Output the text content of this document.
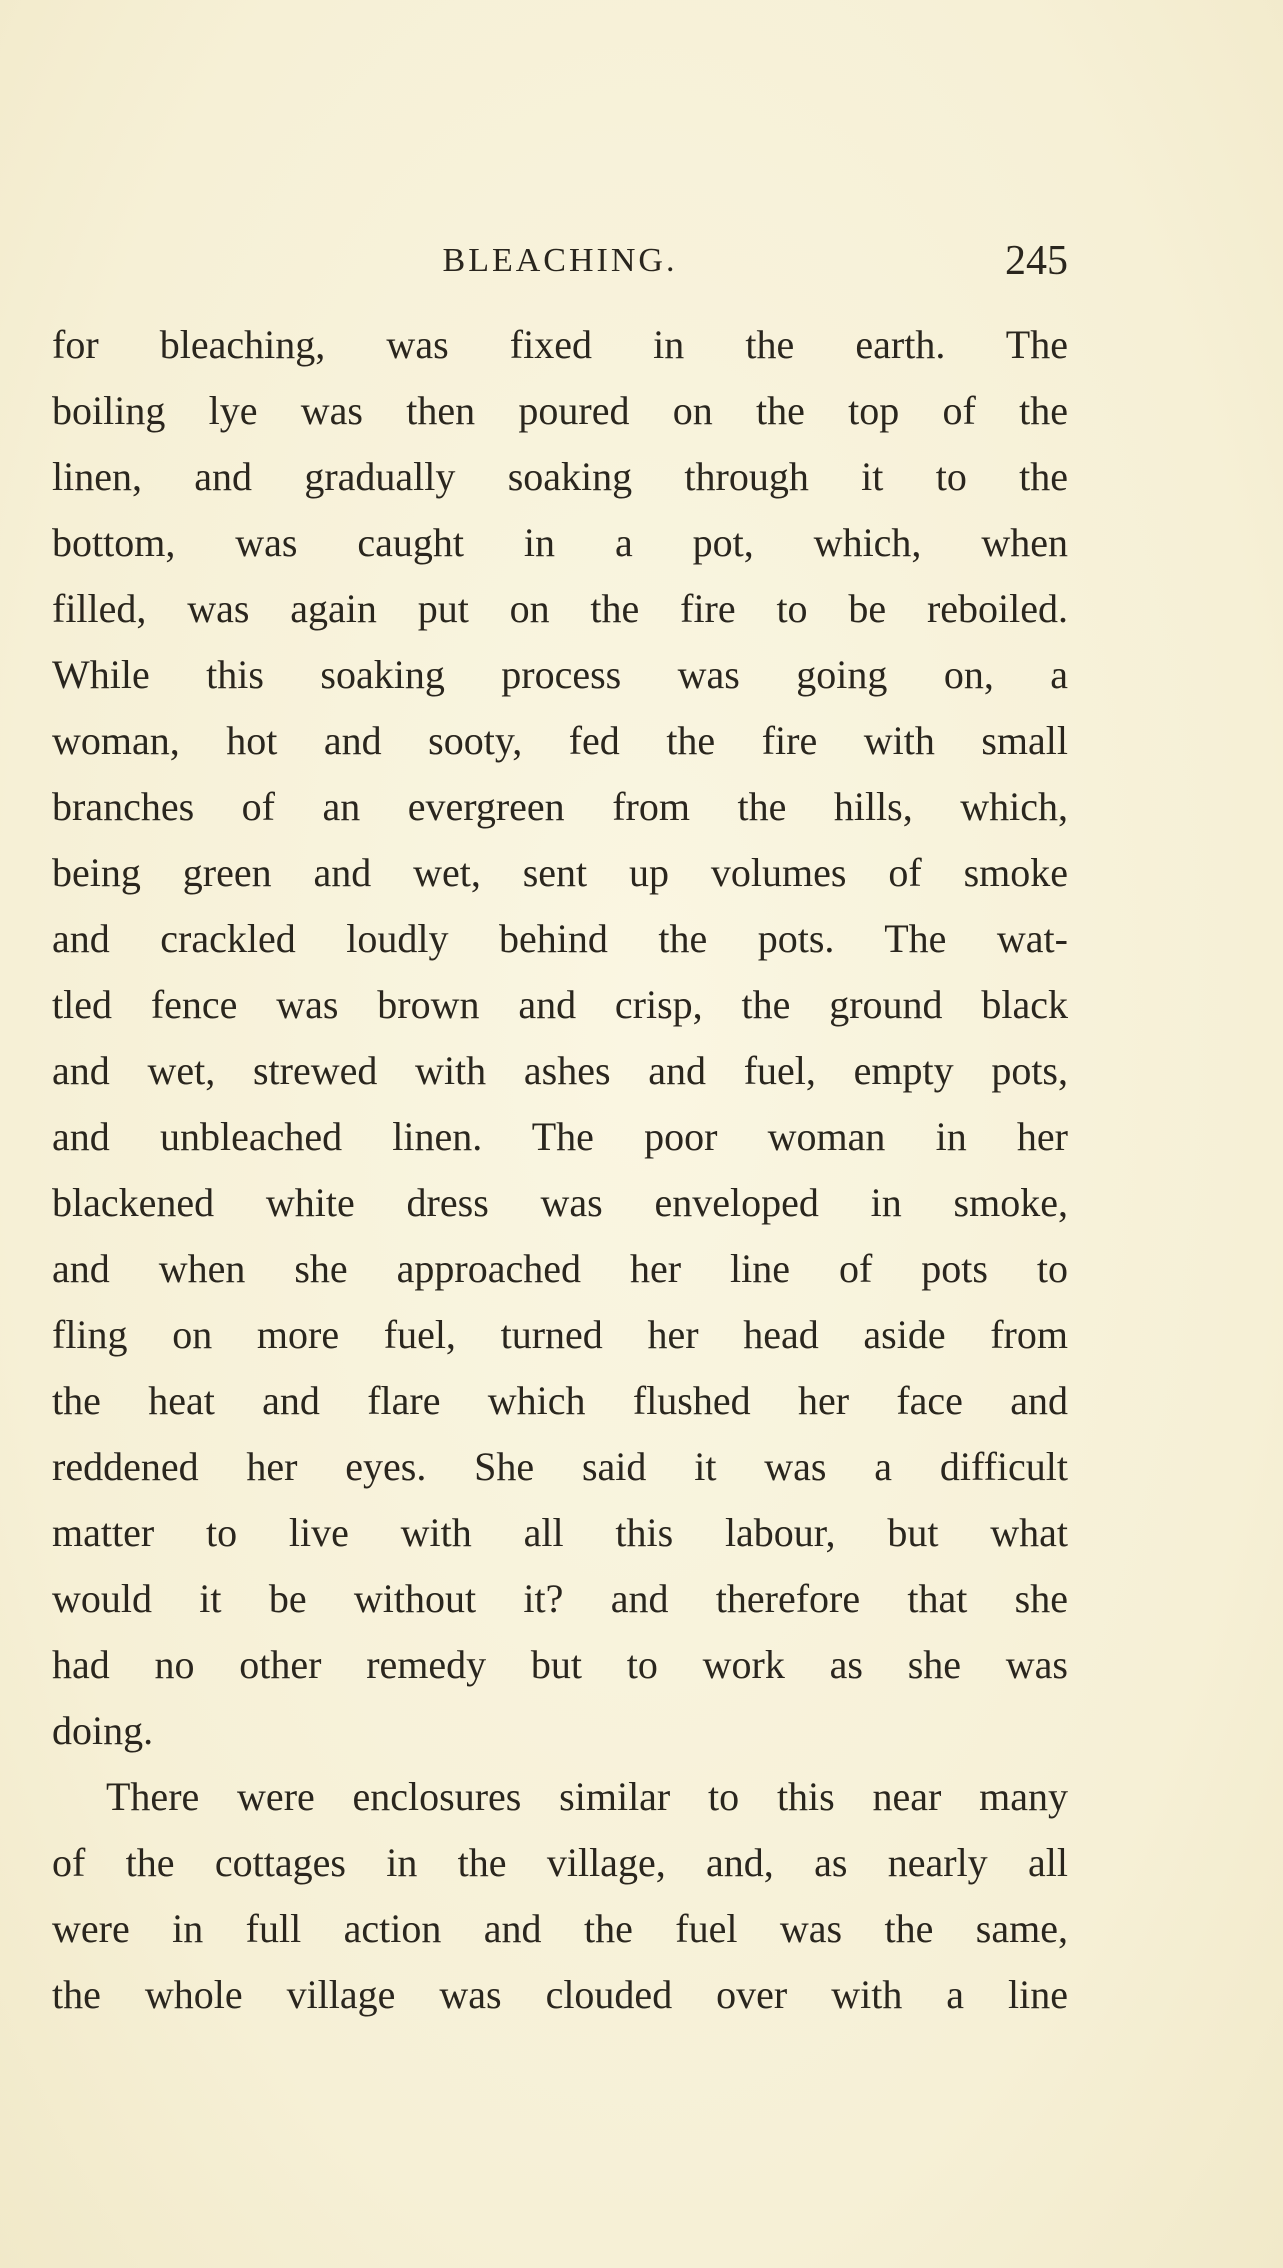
BLEACHING.	245
for bleaching, was fixed in the earth. The
boiling lye was then poured on the top of the
linen, and gradually soaking through it to the
bottom, was caught in a pot, which, when
filled, was again put on the fire to be reboiled.
While this soaking process was going on, a
woman, hot and sooty, fed the fire with small
branches of an evergreen from the hills, which,
being green and wet, sent up volumes of smoke
and crackled loudly behind the pots. The wat-
tled fence was brown and crisp, the ground black
and wet, strewed with ashes and fuel, empty pots,
and unbleached linen. The poor woman in her
blackened white dress was enveloped in smoke,
and when she approached her line of pots to
fling on more fuel, turned her head aside from
the heat and flare which flushed her face and
reddened her eyes. She said it was a difficult
matter to live with all this labour, but what
would it be without it? and therefore that she
had no other remedy but to work as she was
doing.
There were enclosures similar to this near many
of the cottages in the village, and, as nearly all
were in full action and the fuel was the same,
the whole village was clouded over with a line
